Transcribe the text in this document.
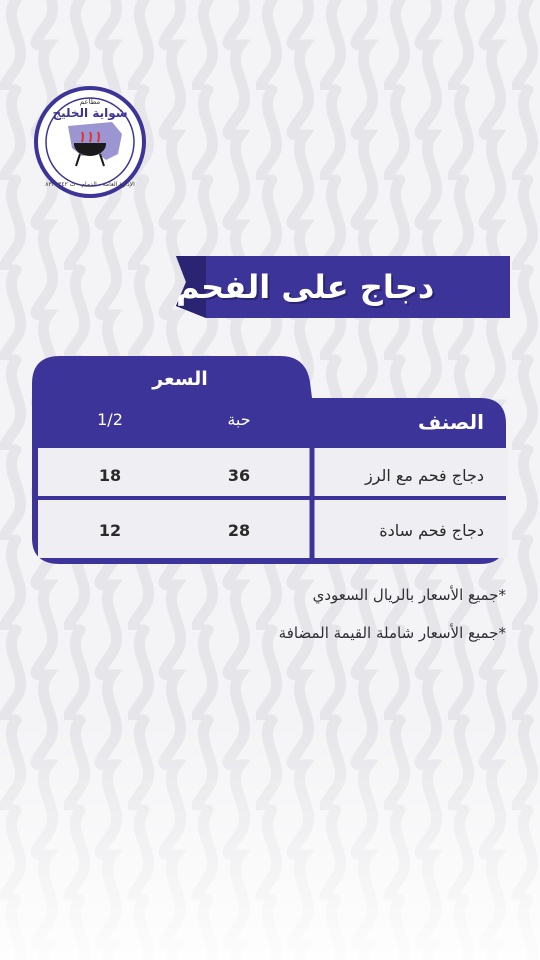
مطاعم
شواية الخليج
الإدارة العامة - الدمام - ت ٨٣٣٠٣٤٢
دجاج على الفحم
السعر
1/2	حبة	الصنف
18	36	دجاج فحم مع الرز
12	28	دجاج فحم سادة
*جميع الأسعار بالريال السعودي
*جميع الأسعار شاملة القيمة المضافة
